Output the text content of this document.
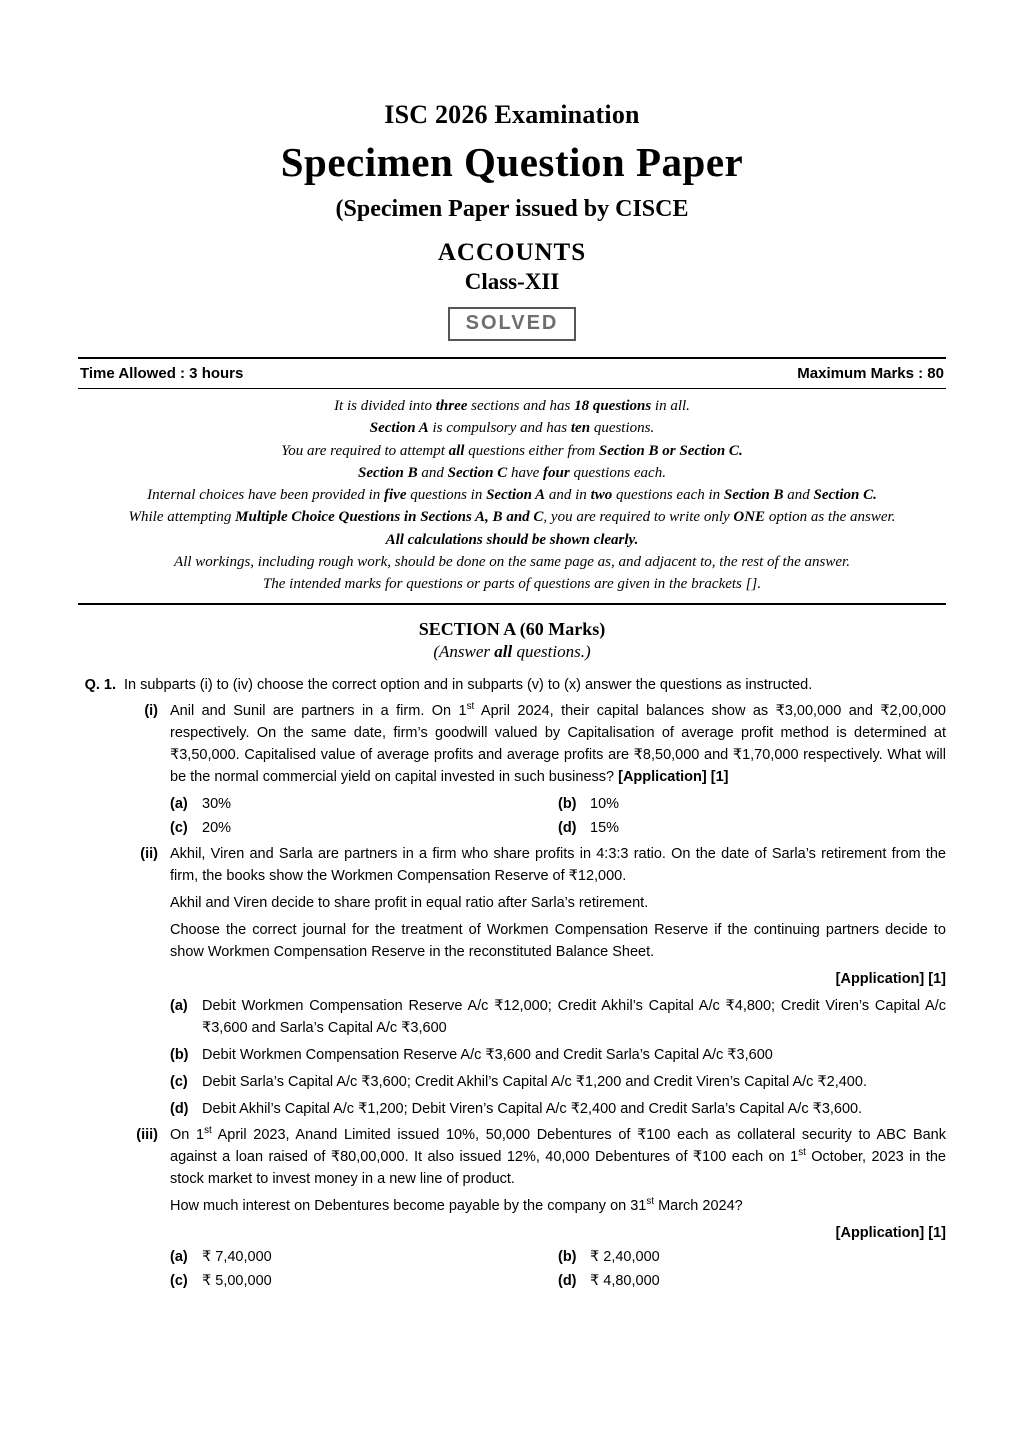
ISC 2026 Examination
Specimen Question Paper
(Specimen Paper issued by CISCE
ACCOUNTS
Class-XII
SOLVED
Time Allowed : 3 hours	Maximum Marks : 80
It is divided into three sections and has 18 questions in all.
Section A is compulsory and has ten questions.
You are required to attempt all questions either from Section B or Section C.
Section B and Section C have four questions each.
Internal choices have been provided in five questions in Section A and in two questions each in Section B and Section C.
While attempting Multiple Choice Questions in Sections A, B and C, you are required to write only ONE option as the answer.
All calculations should be shown clearly.
All workings, including rough work, should be done on the same page as, and adjacent to, the rest of the answer.
The intended marks for questions or parts of questions are given in the brackets [].
SECTION A (60 Marks)
(Answer all questions.)
Q. 1. In subparts (i) to (iv) choose the correct option and in subparts (v) to (x) answer the questions as instructed.
(i) Anil and Sunil are partners in a firm. On 1st April 2024, their capital balances show as ₹3,00,000 and ₹2,00,000 respectively. On the same date, firm’s goodwill valued by Capitalisation of average profit method is determined at ₹3,50,000. Capitalised value of average profits and average profits are ₹8,50,000 and ₹1,70,000 respectively. What will be the normal commercial yield on capital invested in such business? [Application] [1]

(a) 30%	(b) 10%
(c) 20%	(d) 15%
(ii) Akhil, Viren and Sarla are partners in a firm who share profits in 4:3:3 ratio. On the date of Sarla’s retirement from the firm, the books show the Workmen Compensation Reserve of ₹12,000.

Akhil and Viren decide to share profit in equal ratio after Sarla’s retirement.

Choose the correct journal for the treatment of Workmen Compensation Reserve if the continuing partners decide to show Workmen Compensation Reserve in the reconstituted Balance Sheet.

[Application] [1]

(a) Debit Workmen Compensation Reserve A/c ₹12,000; Credit Akhil’s Capital A/c ₹4,800; Credit Viren’s Capital A/c ₹3,600 and Sarla’s Capital A/c ₹3,600
(b) Debit Workmen Compensation Reserve A/c ₹3,600 and Credit Sarla’s Capital A/c ₹3,600
(c) Debit Sarla’s Capital A/c ₹3,600; Credit Akhil’s Capital A/c ₹1,200 and Credit Viren’s Capital A/c ₹2,400.
(d) Debit Akhil’s Capital A/c ₹1,200; Debit Viren’s Capital A/c ₹2,400 and Credit Sarla’s Capital A/c ₹3,600.
(iii) On 1st April 2023, Anand Limited issued 10%, 50,000 Debentures of ₹100 each as collateral security to ABC Bank against a loan raised of ₹80,00,000. It also issued 12%, 40,000 Debentures of ₹100 each on 1st October, 2023 in the stock market to invest money in a new line of product.

How much interest on Debentures become payable by the company on 31st March 2024?

[Application] [1]

(a) ₹ 7,40,000	(b) ₹ 2,40,000
(c) ₹ 5,00,000	(d) ₹ 4,80,000
